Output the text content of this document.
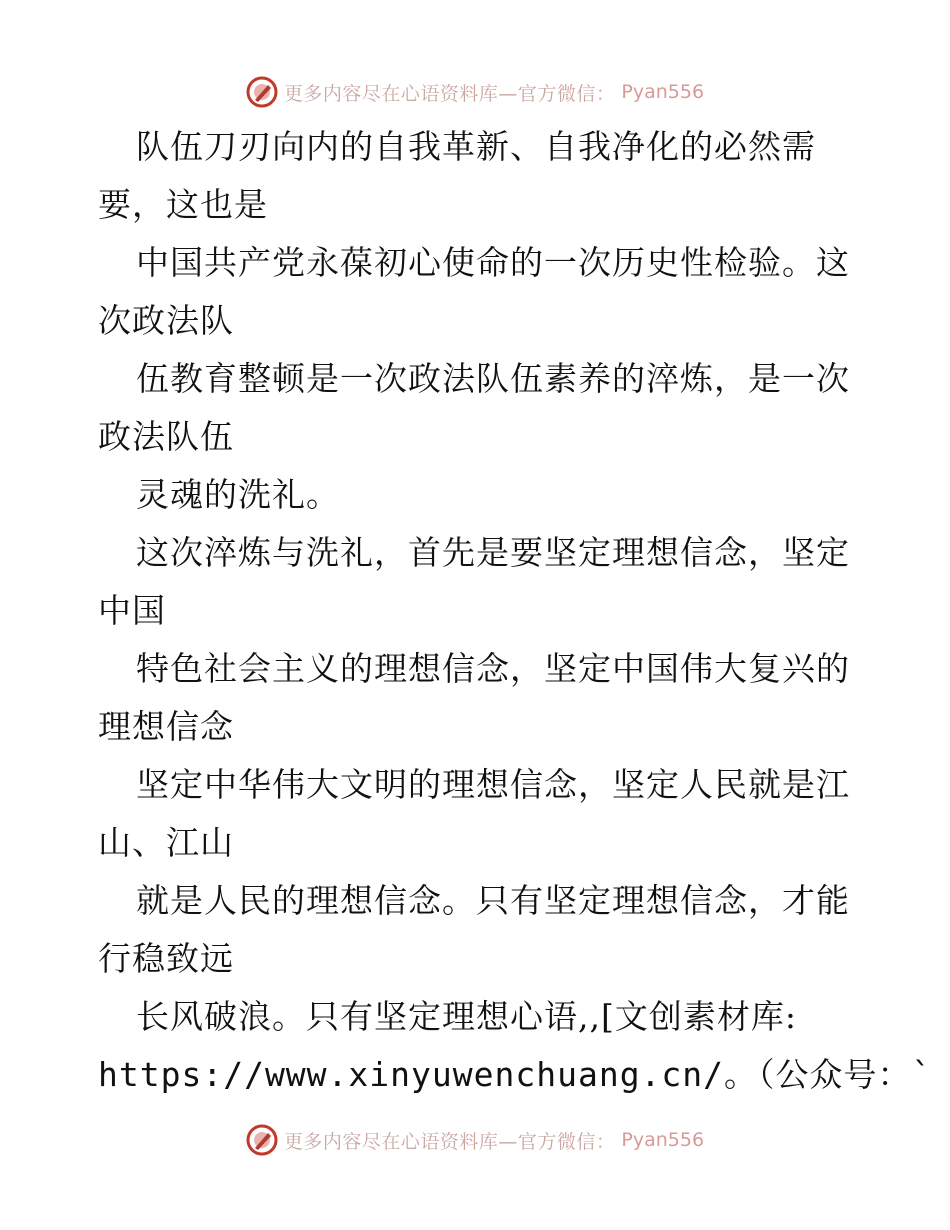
更多内容尽在心语资料库—官方微信： Pyan556
队伍刀刃向内的自我革新、自我净化的必然需
要，这也是
中国共产党永葆初心使命的一次历史性检验。这
次政法队
伍教育整顿是一次政法队伍素养的淬炼，是一次
政法队伍
灵魂的洗礼。
这次淬炼与洗礼，首先是要坚定理想信念，坚定
中国
特色社会主义的理想信念，坚定中国伟大复兴的
理想信念
坚定中华伟大文明的理想信念，坚定人民就是江
山、江山
就是人民的理想信念。只有坚定理想信念，才能
行稳致远
长风破浪。只有坚定理想心语,,[文创素材库:
https://www.xinyuwenchuang.cn/。（公众号：`
更多内容尽在心语资料库—官方微信： Pyan556
